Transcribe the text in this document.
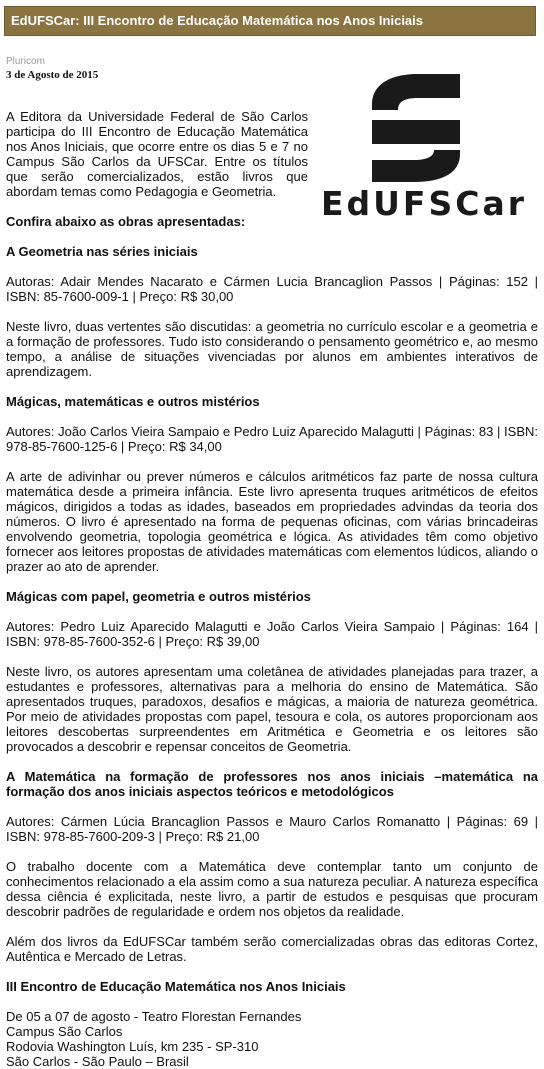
EdUFSCar: III Encontro de Educação Matemática nos Anos Iniciais
Pluricom
3 de Agosto de 2015
EdUFSCar

A Editora da Universidade Federal de São Carlos participa do III Encontro de Educação Matemática nos Anos Iniciais, que ocorre entre os dias 5 e 7 no Campus São Carlos da UFSCar. Entre os títulos que serão comercializados, estão livros que abordam temas como Pedagogia e Geometria.

Confira abaixo as obras apresentadas:

A Geometria nas séries iniciais

Autoras: Adair Mendes Nacarato e Cármen Lucia Brancaglion Passos | Páginas: 152 | ISBN: 85-7600-009-1 | Preço: R$ 30,00

Neste livro, duas vertentes são discutidas: a geometria no currículo escolar e a geometria e a formação de professores. Tudo isto considerando o pensamento geométrico e, ao mesmo tempo, a análise de situações vivenciadas por alunos em ambientes interativos de aprendizagem.

Mágicas, matemáticas e outros mistérios

Autores: João Carlos Vieira Sampaio e Pedro Luiz Aparecido Malagutti | Páginas: 83 | ISBN: 978-85-7600-125-6 | Preço: R$ 34,00

A arte de adivinhar ou prever números e cálculos aritméticos faz parte de nossa cultura matemática desde a primeira infância. Este livro apresenta truques aritméticos de efeitos mágicos, dirigidos a todas as idades, baseados em propriedades advindas da teoria dos números. O livro é apresentado na forma de pequenas oficinas, com várias brincadeiras envolvendo geometria, topologia geométrica e lógica. As atividades têm como objetivo fornecer aos leitores propostas de atividades matemáticas com elementos lúdicos, aliando o prazer ao ato de aprender.

Mágicas com papel, geometria e outros mistérios

Autores: Pedro Luiz Aparecido Malagutti e João Carlos Vieira Sampaio | Páginas: 164 | ISBN: 978-85-7600-352-6 | Preço: R$ 39,00

Neste livro, os autores apresentam uma coletânea de atividades planejadas para trazer, a estudantes e professores, alternativas para a melhoria do ensino de Matemática. São apresentados truques, paradoxos, desafios e mágicas, a maioria de natureza geométrica. Por meio de atividades propostas com papel, tesoura e cola, os autores proporcionam aos leitores descobertas surpreendentes em Aritmética e Geometria e os leitores são provocados a descobrir e repensar conceitos de Geometria.

A Matemática na formação de professores nos anos iniciais –matemática na formação dos anos iniciais aspectos teóricos e metodológicos

Autores: Cármen Lúcia Brancaglion Passos e Mauro Carlos Romanatto | Páginas: 69 | ISBN: 978-85-7600-209-3 | Preço: R$ 21,00

O trabalho docente com a Matemática deve contemplar tanto um conjunto de conhecimentos relacionado a ela assim como a sua natureza peculiar. A natureza específica dessa ciência é explicitada, neste livro, a partir de estudos e pesquisas que procuram descobrir padrões de regularidade e ordem nos objetos da realidade.

Além dos livros da EdUFSCar também serão comercializadas obras das editoras Cortez, Autêntica e Mercado de Letras.

III Encontro de Educação Matemática nos Anos Iniciais

De 05 a 07 de agosto - Teatro Florestan Fernandes

Campus São Carlos

Rodovia Washington Luís, km 235 - SP-310

São Carlos - São Paulo – Brasil
